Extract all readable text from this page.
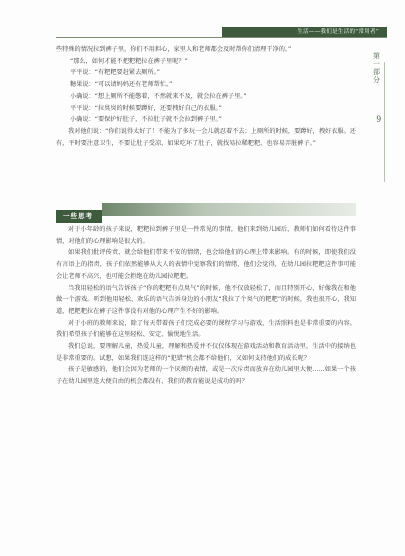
生活——我们是生活的“常用者”
第一部分
9

些特殊的情况拉到裤子里，你们不用担心，家里人和老师都会及时帮你们清理干净的。”

“那么，如何才能不把粑粑拉在裤子里呢？”

平平说：“有粑粑要赶紧去厕所。”

糖果说：“可以请妈妈还有老师帮忙。”

小确说：“想上厕所不能憋着，不然就来不及，就会拉在裤子里。”

平平说：“拉臭臭的时候要蹲好，还要拽好自己的衣服。”

小确说：“要保护好肚子，不拉肚子就不会拉到裤子里。”

我对他们说：“你们说得太好了！不能为了多玩一会儿就忍着不去；上厕所的时候，要蹲好，拽好衣服。还有，平时要注意卫生，不要让肚子受凉，如果吃坏了肚子，就找易拉稀粑粑，也容易弄脏裤子。”

一些思考

对于小年龄的孩子来说，粑粑拉到裤子里是一件常见的事情，他们来到幼儿园后，教师们如何看待这件事情，对他们的心理影响是很大的。

如果我们批评传责，就会给他们带来不安的情绪，也会给他们的心理上带来影响。有的时候，即使我们没有言语上的指责，孩子们依然能够从大人的表情中觉察我们的情绪，他们会觉得，在幼儿园拉粑粑这件事可能会让老师不高兴，也可能会拒绝在幼儿园拉粑粑。

当我用轻松的语气告诉孩子“你的粑粑有点臭气”的时候，他不仅放轻松了，而且特别开心，好像我在和他做一个游戏。听到他用轻松、欢乐的语气告诉身边的小朋友“我拉了个臭气的粑粑”的时候，我也很开心，我知道，把粑粑拉在裤子这件事没有对他的心理产生不好的影响。

对于小班的教师来说，除了每天带着孩子们完成必要的课程学习与游戏，生活照料也是非常重要的内容。我们希望孩子们能够在这里轻松、安定、愉悦地生活。

我们总说，要理解儿童，热爱儿童，理解和热爱并不仅仅体现在游戏活动和教育活动里，生活中的接纳也是非常重要的。试想，如果我们连这样的“犯错”机会都不给他们，又如何支持他们的成长呢？

孩子是敏感的，他们会因为老师的一个厌烦的表情，或是一次斥责而放弃在幼儿园里大便……如果一个孩子在幼儿园里连大便自由的机会都没有，我们的教育能说是成功的吗？
